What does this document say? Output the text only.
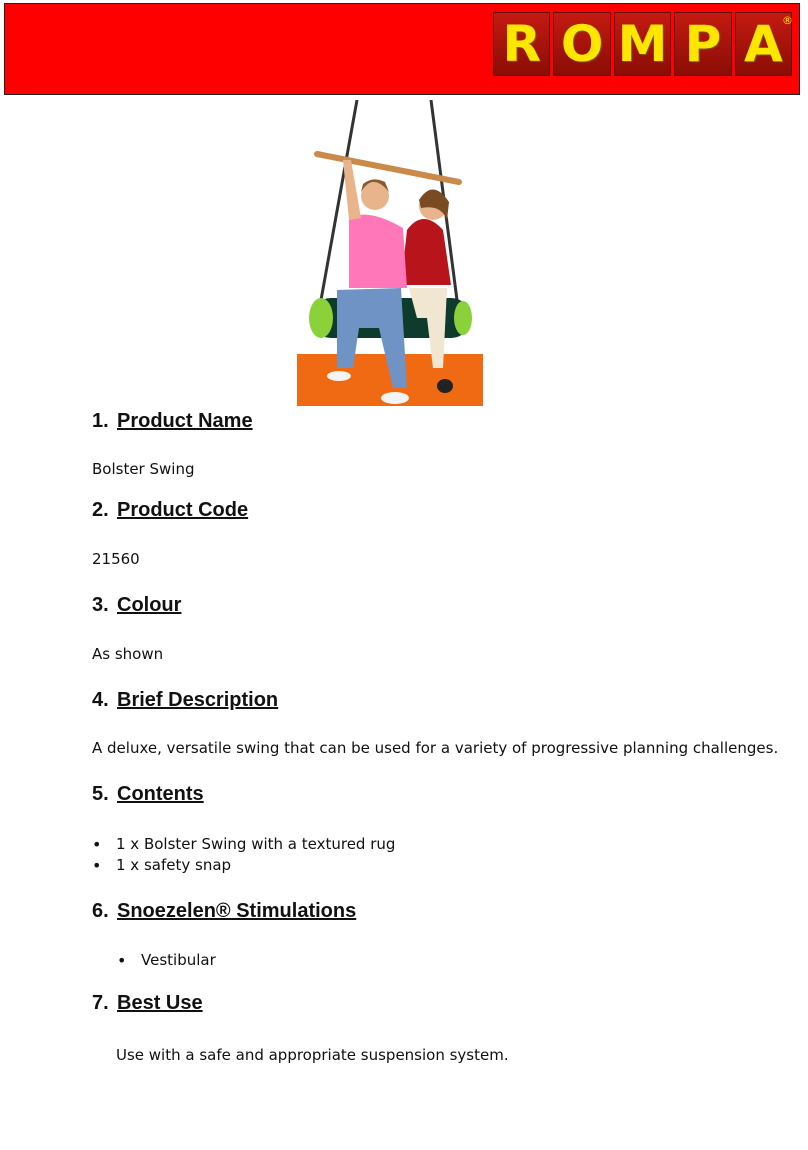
R O M P A ®
1. Product Name
Bolster Swing
2. Product Code
21560
3. Colour
As shown
4. Brief Description
A deluxe, versatile swing that can be used for a variety of progressive planning challenges.
5. Contents
• 1 x Bolster Swing with a textured rug
• 1 x safety snap
6. Snoezelen® Stimulations
• Vestibular
7. Best Use
Use with a safe and appropriate suspension system.
